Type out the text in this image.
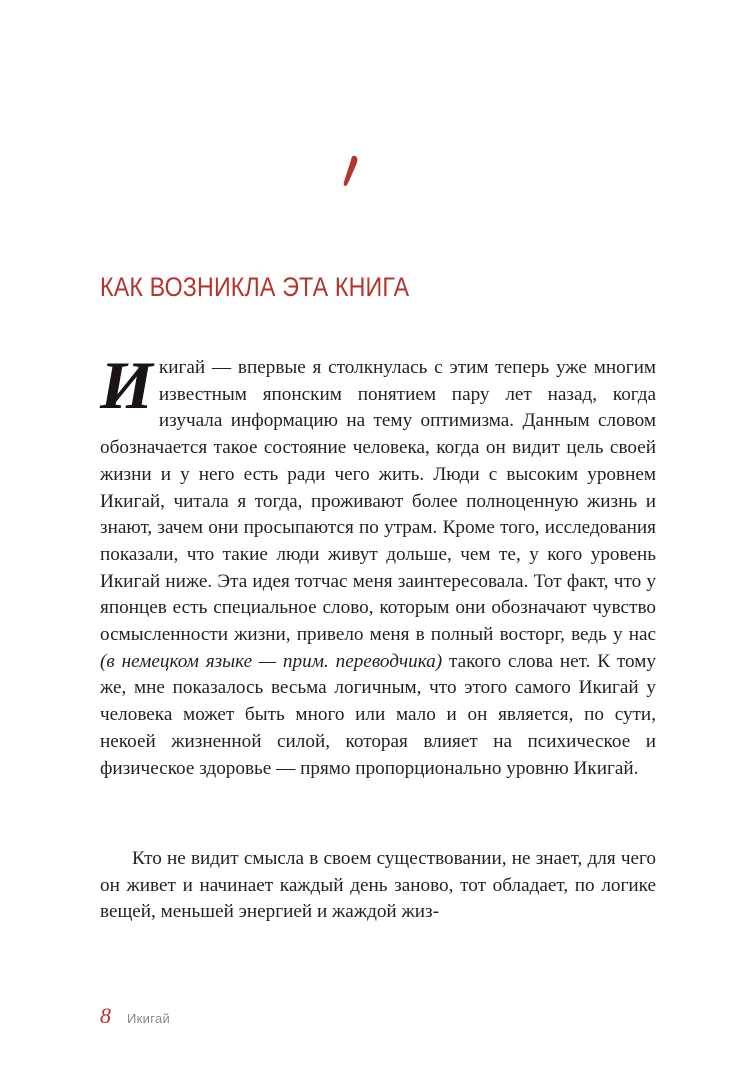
КАК ВОЗНИКЛА ЭТА КНИГА
Икигай — впервые я столкнулась с этим теперь уже многим известным японским понятием пару лет назад, когда изучала информацию на тему оптимизма. Данным словом обозначается такое состояние человека, когда он видит цель своей жизни и у него есть ради чего жить. Люди с высоким уровнем Икигай, читала я тогда, проживают более полноценную жизнь и знают, зачем они просыпаются по утрам. Кроме того, исследования показали, что такие люди живут дольше, чем те, у кого уровень Икигай ниже. Эта идея тотчас меня заинтересовала. Тот факт, что у японцев есть специальное слово, которым они обозначают чувство осмысленности жизни, привело меня в полный восторг, ведь у нас (в немецком языке — прим. переводчика) такого слова нет. К тому же, мне показалось весьма логичным, что этого самого Икигай у человека может быть много или мало и он является, по сути, некоей жизненной силой, которая влияет на психическое и физическое здоровье — прямо пропорционально уровню Икигай.
Кто не видит смысла в своем существовании, не знает, для чего он живет и начинает каждый день заново, тот обладает, по логике вещей, меньшей энергией и жаждой жиз-
8 Икигай
